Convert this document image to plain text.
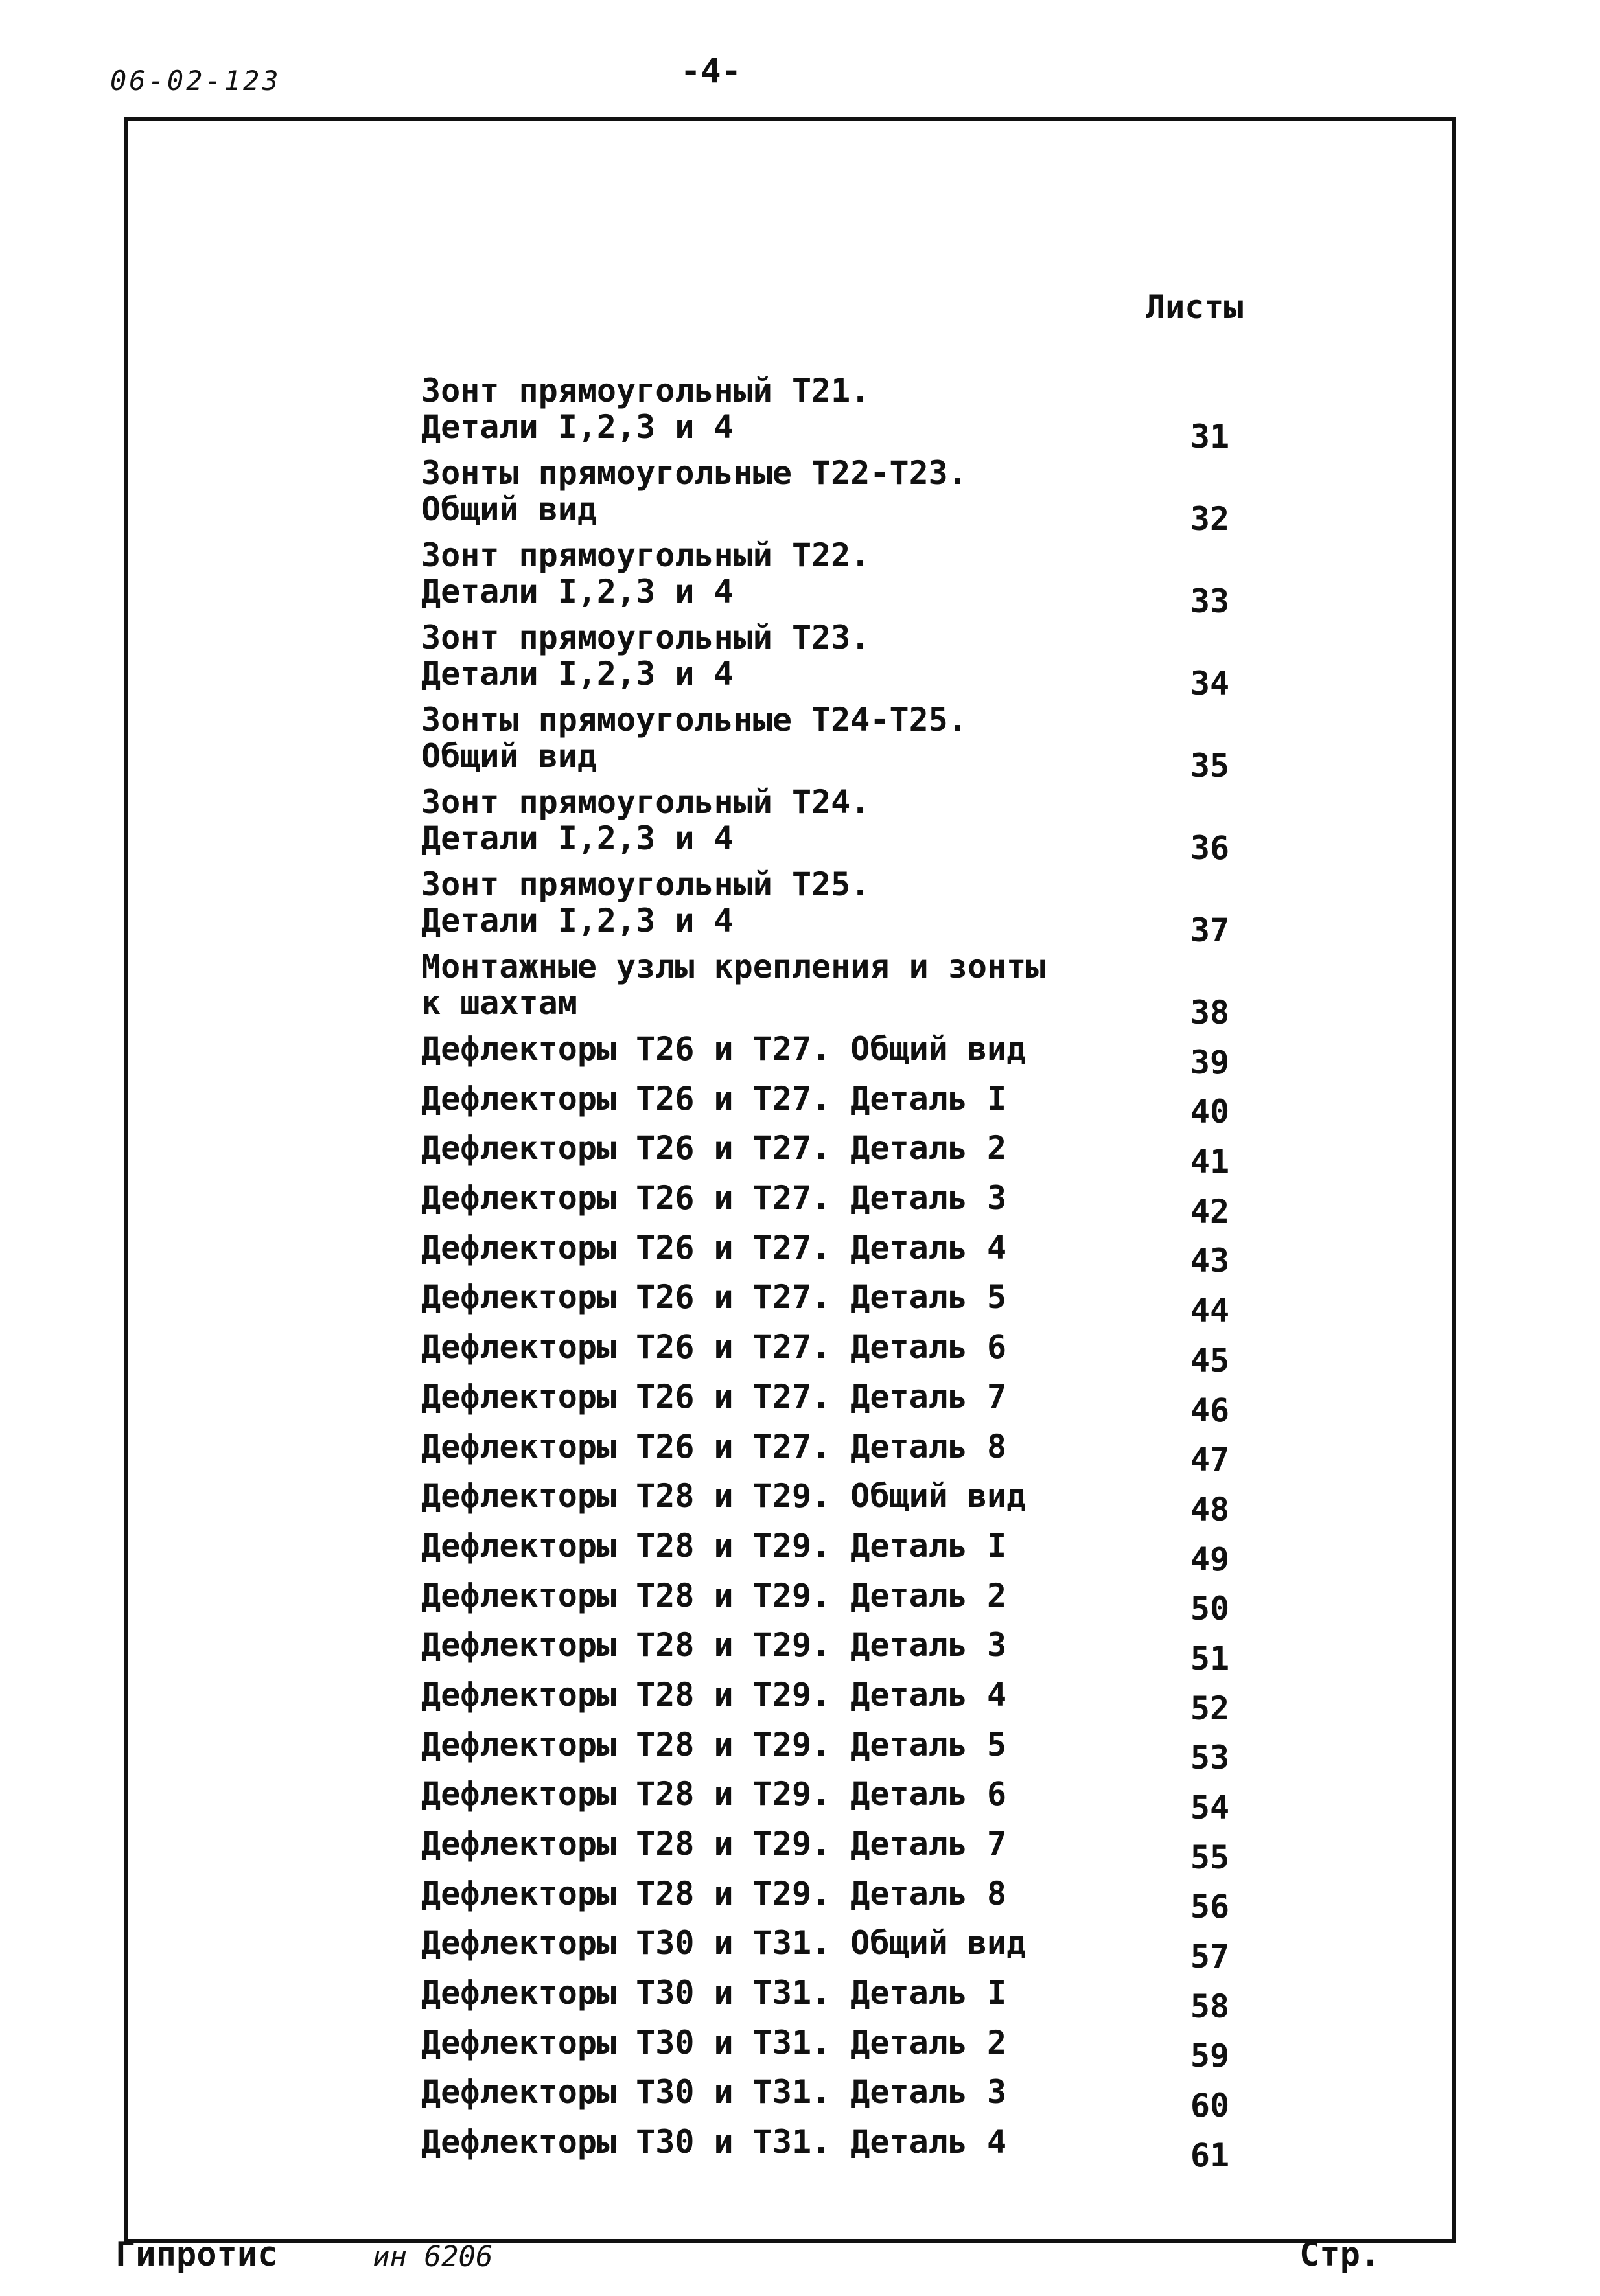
06-02-123	-4-
Листы
Зонт прямоугольный Т21.
Детали I,2,3 и 4	31
Зонты прямоугольные Т22-Т23.
Общий вид	32
Зонт прямоугольный Т22.
Детали I,2,3 и 4	33
Зонт прямоугольный Т23.
Детали I,2,3 и 4	34
Зонты прямоугольные Т24-Т25.
Общий вид	35
Зонт прямоугольный Т24.
Детали I,2,3 и 4	36
Зонт прямоугольный Т25.
Детали I,2,3 и 4	37
Монтажные узлы крепления и зонты
к шахтам	38
Дефлекторы Т26 и Т27. Общий вид	39
Дефлекторы Т26 и Т27. Деталь I	40
Дефлекторы Т26 и Т27. Деталь 2	41
Дефлекторы Т26 и Т27. Деталь 3	42
Дефлекторы Т26 и Т27. Деталь 4	43
Дефлекторы Т26 и Т27. Деталь 5	44
Дефлекторы Т26 и Т27. Деталь 6	45
Дефлекторы Т26 и Т27. Деталь 7	46
Дефлекторы Т26 и Т27. Деталь 8	47
Дефлекторы Т28 и Т29. Общий вид	48
Дефлекторы Т28 и Т29. Деталь I	49
Дефлекторы Т28 и Т29. Деталь 2	50
Дефлекторы Т28 и Т29. Деталь 3	51
Дефлекторы Т28 и Т29. Деталь 4	52
Дефлекторы Т28 и Т29. Деталь 5	53
Дефлекторы Т28 и Т29. Деталь 6	54
Дефлекторы Т28 и Т29. Деталь 7	55
Дефлекторы Т28 и Т29. Деталь 8	56
Дефлекторы Т30 и Т31. Общий вид	57
Дефлекторы Т30 и Т31. Деталь I	58
Дефлекторы Т30 и Т31. Деталь 2	59
Дефлекторы Т30 и Т31. Деталь 3	60
Дефлекторы Т30 и Т31. Деталь 4	61
Гипротис	ин 6206	Стр.
